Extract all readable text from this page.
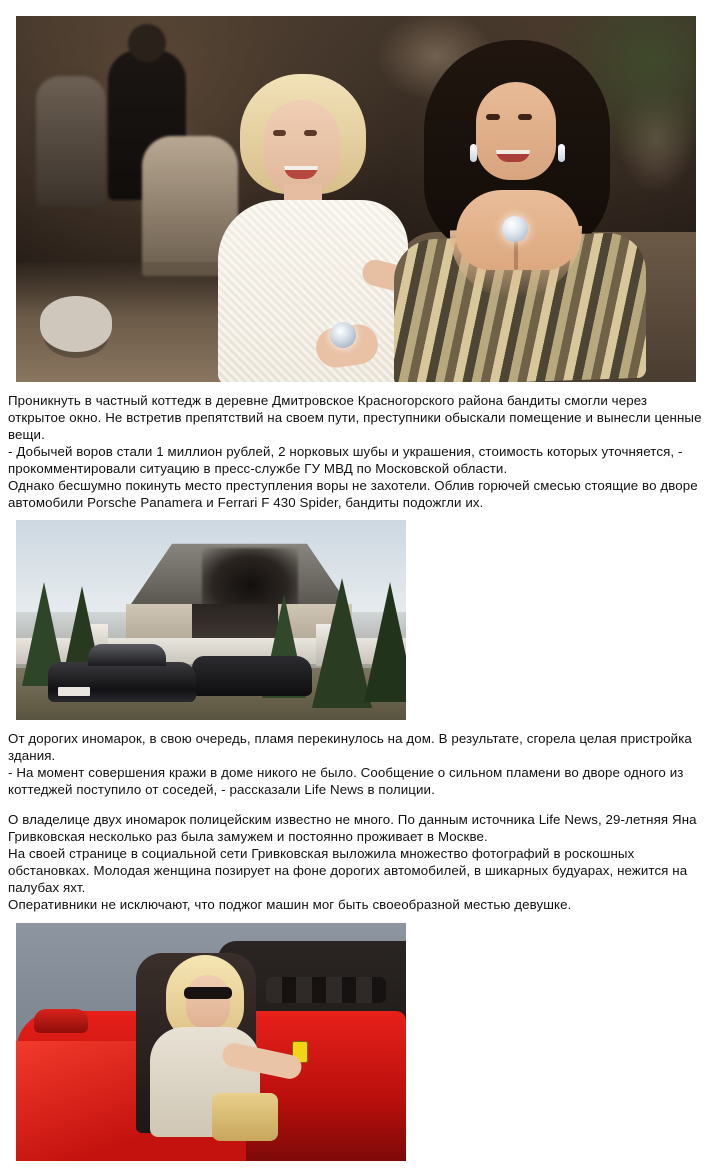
Проникнуть в частный коттедж в деревне Дмитровское Красногорского района бандиты смогли через открытое окно. Не встретив препятствий на своем пути, преступники обыскали помещение и вынесли ценные вещи.

- Добычей воров стали 1 миллион рублей, 2 норковых шубы и украшения, стоимость которых уточняется, - прокомментировали ситуацию в пресс-службе ГУ МВД по Московской области.

Однако бесшумно покинуть место преступления воры не захотели. Облив горючей смесью стоящие во дворе автомобили Porsche Panamera и Ferrari F 430 Spider, бандиты подожгли их.

От дорогих иномарок, в свою очередь, пламя перекинулось на дом. В результате, сгорела целая пристройка здания.

- На момент совершения кражи в доме никого не было. Сообщение о сильном пламени во дворе одного из коттеджей поступило от соседей, - рассказали Life News в полиции.

О владелице двух иномарок полицейским известно не много. По данным источника Life News, 29-летняя Яна Гривковская несколько раз была замужем и постоянно проживает в Москве.

На своей странице в социальной сети Гривковская выложила множество фотографий в роскошных обстановках. Молодая женщина позирует на фоне дорогих автомобилей, в шикарных будуарах, нежится на палубах яхт.

Оперативники не исключают, что поджог машин мог быть своеобразной местью девушке.
